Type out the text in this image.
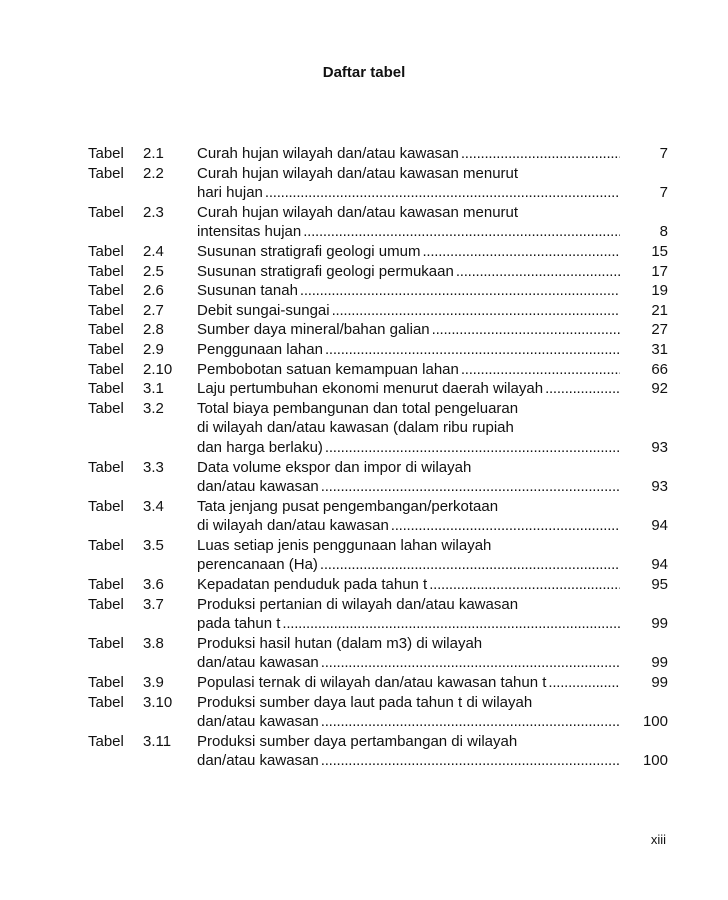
Daftar tabel
Tabel	2.1	Curah hujan wilayah dan/atau kawasan . . .	7
Tabel	2.2	Curah hujan wilayah dan/atau kawasan menurut
hari hujan . . .	7
Tabel	2.3	Curah hujan wilayah dan/atau kawasan menurut
intensitas hujan . . .	8
Tabel	2.4	Susunan stratigrafi geologi umum . . .	15
Tabel	2.5	Susunan stratigrafi geologi permukaan . . .	17
Tabel	2.6	Susunan tanah . . .	19
Tabel	2.7	Debit sungai-sungai . . .	21
Tabel	2.8	Sumber daya mineral/bahan galian . . .	27
Tabel	2.9	Penggunaan lahan . . .	31
Tabel	2.10	Pembobotan satuan kemampuan lahan . . .	66
Tabel	3.1	Laju pertumbuhan ekonomi menurut daerah wilayah . . .	92
Tabel	3.2	Total biaya pembangunan dan total pengeluaran
di wilayah dan/atau kawasan (dalam ribu rupiah
dan harga berlaku) . . .	93
Tabel	3.3	Data volume ekspor dan impor di wilayah
dan/atau kawasan . . .	93
Tabel	3.4	Tata jenjang pusat pengembangan/perkotaan
di wilayah dan/atau kawasan . . .	94
Tabel	3.5	Luas setiap jenis penggunaan lahan wilayah
perencanaan (Ha) . . .	94
Tabel	3.6	Kepadatan penduduk pada tahun t . . .	95
Tabel	3.7	Produksi pertanian di wilayah dan/atau kawasan
pada tahun t . . .	99
Tabel	3.8	Produksi hasil hutan (dalam m3) di wilayah
dan/atau kawasan . . .	99
Tabel	3.9	Populasi ternak di wilayah dan/atau kawasan tahun t . . .	99
Tabel	3.10	Produksi sumber daya laut pada tahun t di wilayah
dan/atau kawasan . . .	100
Tabel	3.11	Produksi sumber daya pertambangan di wilayah
dan/atau kawasan . . .	100
xiii
